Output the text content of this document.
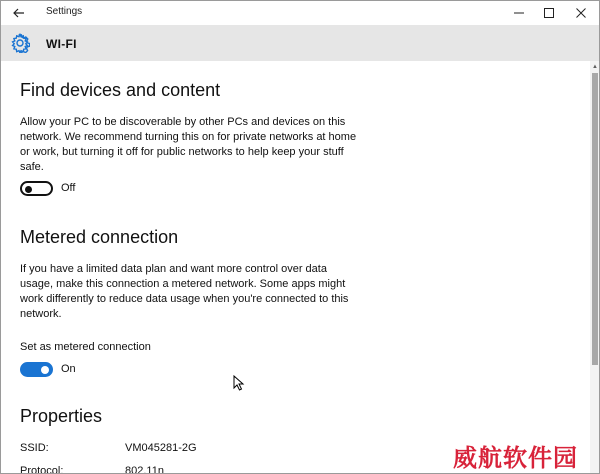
Settings
WI-FI
Find devices and content
Allow your PC to be discoverable by other PCs and devices on this network. We recommend turning this on for private networks at home or work, but turning it off for public networks to help keep your stuff safe.
Off
Metered connection
If you have a limited data plan and want more control over data usage, make this connection a metered network. Some apps might work differently to reduce data usage when you're connected to this network.
Set as metered connection
On
Properties
SSID:	VM045281-2G
Protocol:	802.11n
▲
威航软件园
